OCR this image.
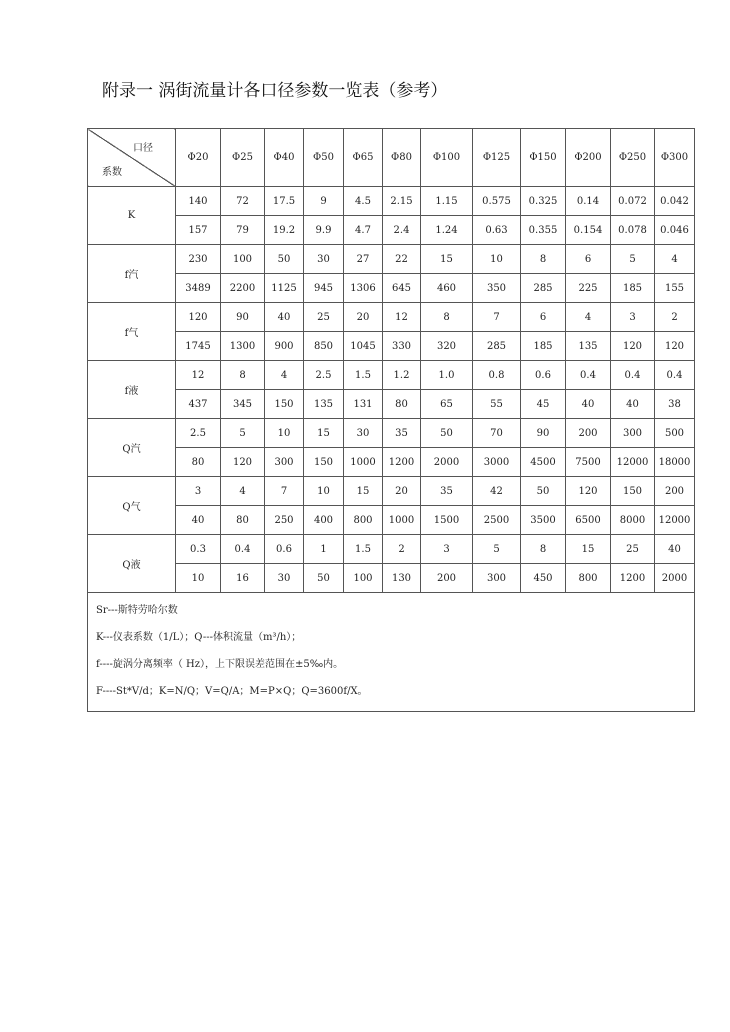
附录一 涡街流量计各口径参数一览表（参考）
口径
系数	Φ20	Φ25	Φ40	Φ50	Φ65	Φ80	Φ100	Φ125	Φ150	Φ200	Φ250	Φ300
K	140	72	17.5	9	4.5	2.15	1.15	0.575	0.325	0.14	0.072	0.042
	157	79	19.2	9.9	4.7	2.4	1.24	0.63	0.355	0.154	0.078	0.046
f汽	230	100	50	30	27	22	15	10	8	6	5	4
	3489	2200	1125	945	1306	645	460	350	285	225	185	155
f气	120	90	40	25	20	12	8	7	6	4	3	2
	1745	1300	900	850	1045	330	320	285	185	135	120	120
f液	12	8	4	2.5	1.5	1.2	1.0	0.8	0.6	0.4	0.4	0.4
	437	345	150	135	131	80	65	55	45	40	40	38
Q汽	2.5	5	10	15	30	35	50	70	90	200	300	500
	80	120	300	150	1000	1200	2000	3000	4500	7500	12000	18000
Q气	3	4	7	10	15	20	35	42	50	120	150	200
	40	80	250	400	800	1000	1500	2500	3500	6500	8000	12000
Q液	0.3	0.4	0.6	1	1.5	2	3	5	8	15	25	40
	10	16	30	50	100	130	200	300	450	800	1200	2000

Sr---斯特劳哈尔数
K---仪表系数（1/L）；Q---体积流量（m³/h）；
f----旋涡分离频率（ Hz），上下限误差范围在±5‰内。
F----St*V/d；K=N/Q；V=Q/A；M=P×Q；Q=3600f/X。												
